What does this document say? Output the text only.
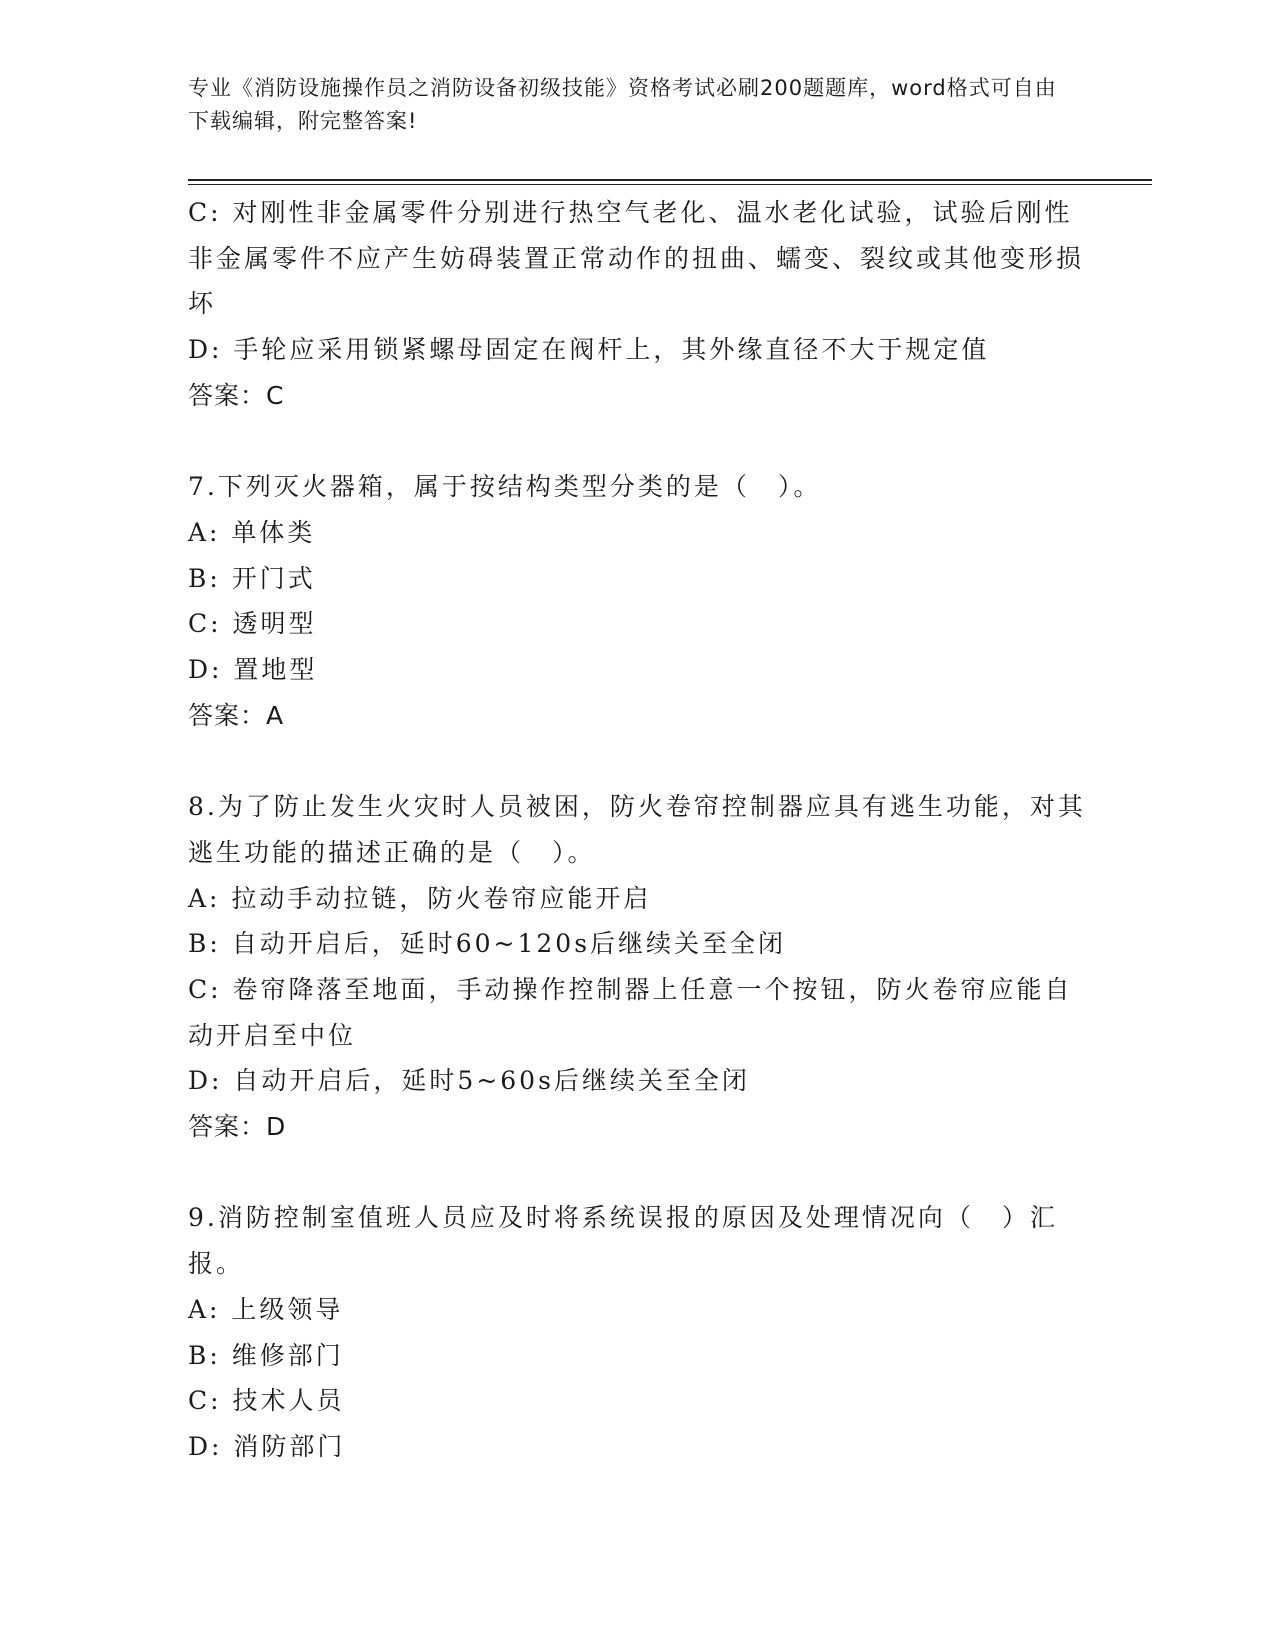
专业《消防设施操作员之消防设备初级技能》资格考试必刷200题题库，word格式可自由下载编辑，附完整答案!
C: 对刚性非金属零件分别进行热空气老化、温水老化试验，试验后刚性非金属零件不应产生妨碍装置正常动作的扭曲、蠕变、裂纹或其他变形损坏
D: 手轮应采用锁紧螺母固定在阀杆上，其外缘直径不大于规定值
答案：C
7.下列灭火器箱，属于按结构类型分类的是（　）。
A: 单体类
B: 开门式
C: 透明型
D: 置地型
答案：A
8.为了防止发生火灾时人员被困，防火卷帘控制器应具有逃生功能，对其逃生功能的描述正确的是（　）。
A: 拉动手动拉链，防火卷帘应能开启
B: 自动开启后，延时60~120s后继续关至全闭
C: 卷帘降落至地面，手动操作控制器上任意一个按钮，防火卷帘应能自动开启至中位
D: 自动开启后，延时5~60s后继续关至全闭
答案：D
9.消防控制室值班人员应及时将系统误报的原因及处理情况向（　）汇报。
A: 上级领导
B: 维修部门
C: 技术人员
D: 消防部门
